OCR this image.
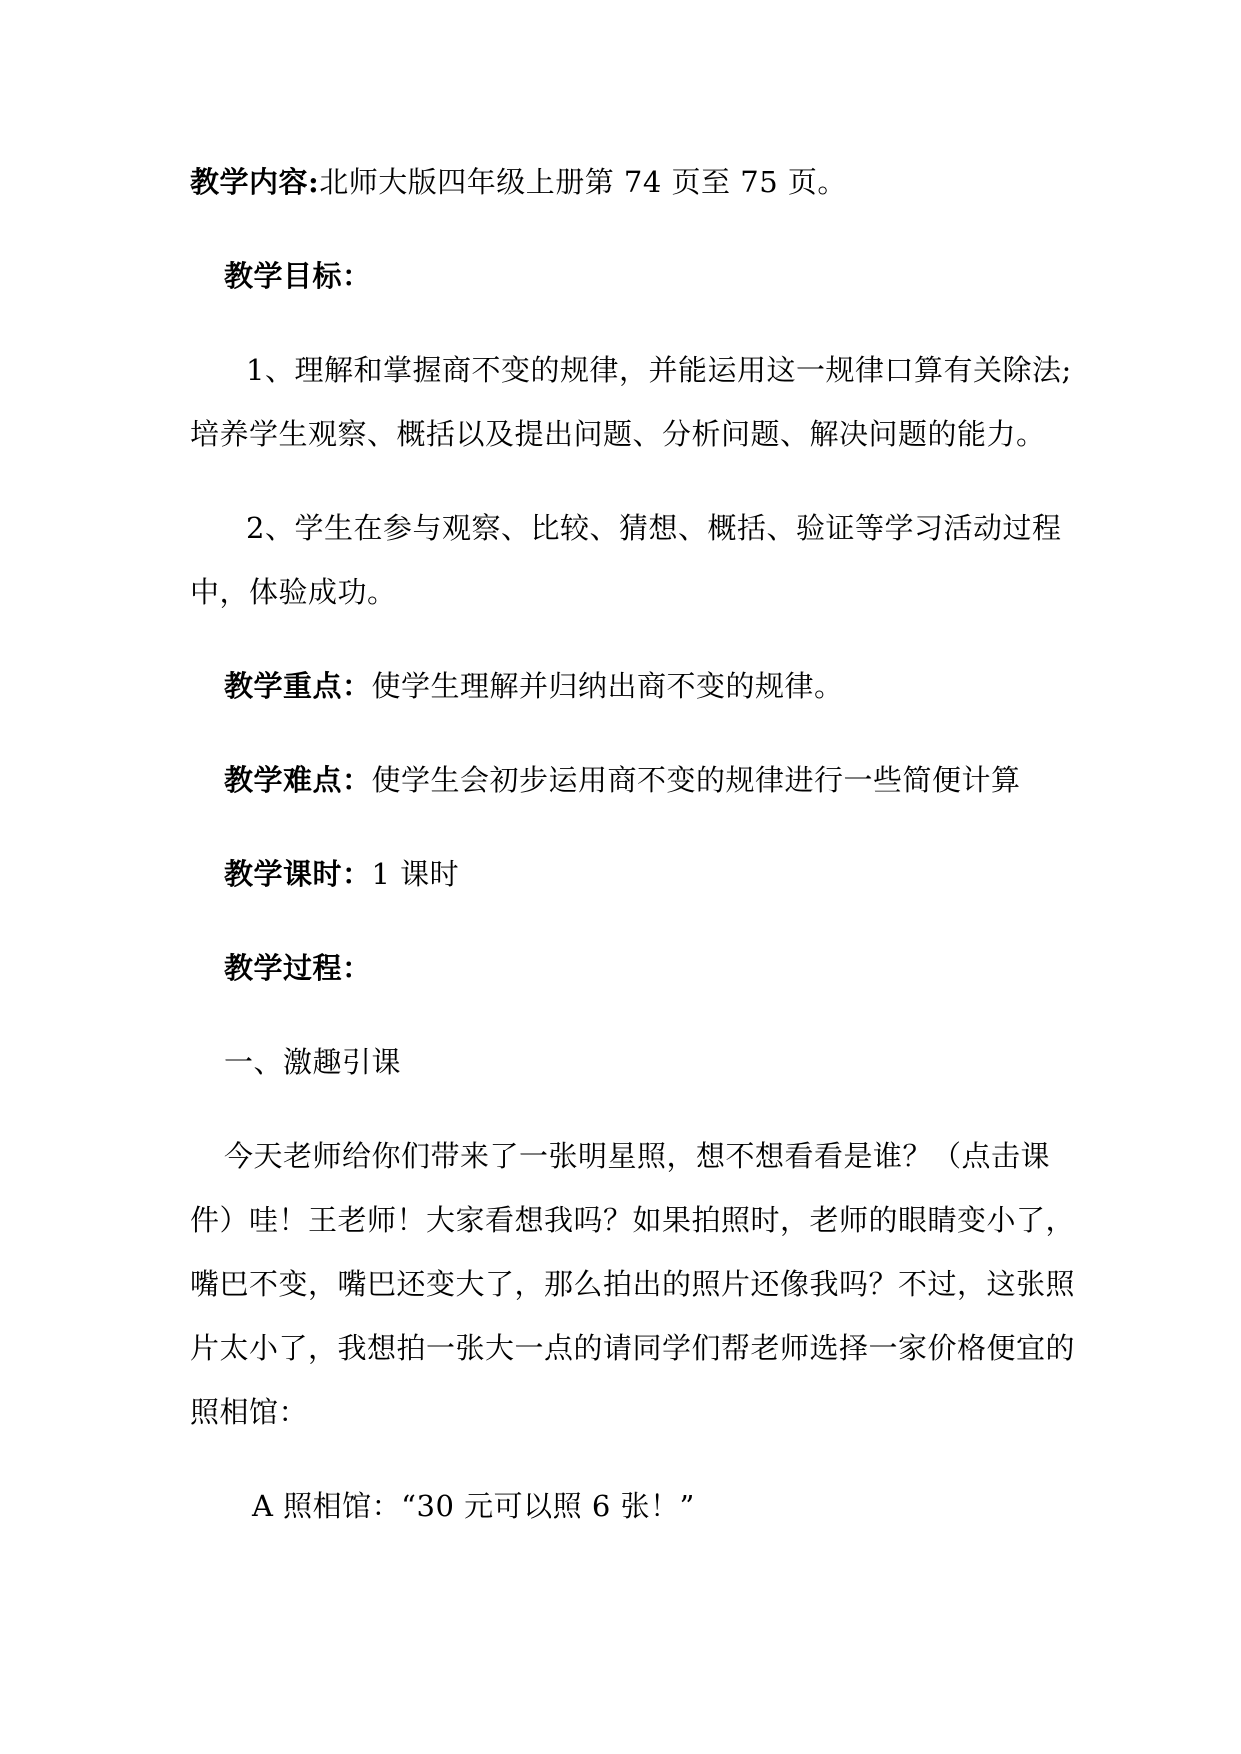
教学内容:北师大版四年级上册第 74 页至 75 页。
教学目标：
1、理解和掌握商不变的规律，并能运用这一规律口算有关除法;
培养学生观察、概括以及提出问题、分析问题、解决问题的能力。
2、学生在参与观察、比较、猜想、概括、验证等学习活动过程
中，体验成功。
教学重点：使学生理解并归纳出商不变的规律。
教学难点：使学生会初步运用商不变的规律进行一些简便计算
教学课时：1 课时
教学过程：
一、激趣引课
今天老师给你们带来了一张明星照，想不想看看是谁？（点击课
件）哇！王老师！大家看想我吗？如果拍照时，老师的眼睛变小了，
嘴巴不变，嘴巴还变大了，那么拍出的照片还像我吗？不过，这张照
片太小了，我想拍一张大一点的请同学们帮老师选择一家价格便宜的
照相馆：
A 照相馆：“30 元可以照 6 张！”
